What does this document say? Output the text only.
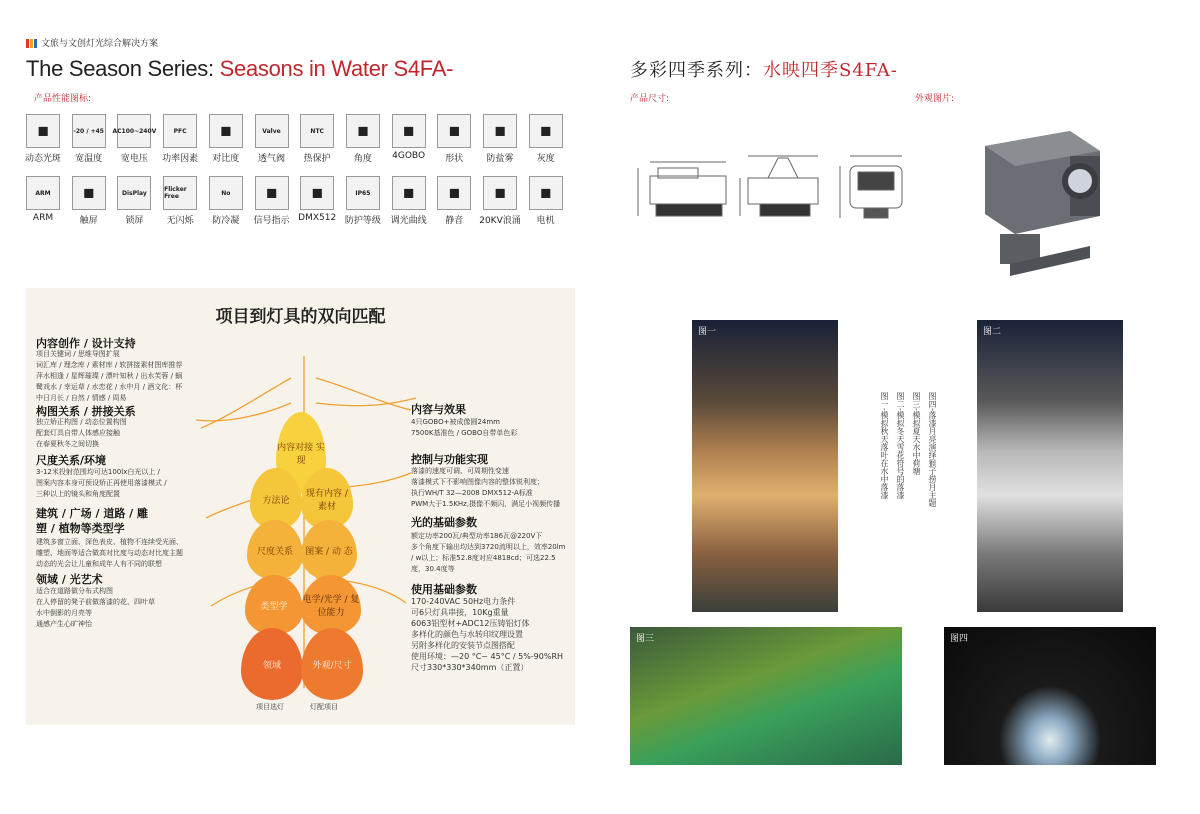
文旅与文创灯光综合解决方案
The Season Series: Seasons in Water S4FA-
产品性能图标:
多彩四季系列：水映四季S4FA-
产品尺寸:	外观图片:
◼
动态光斑
-20 / +45
宽温度
AC100~240V
宽电压
PFC
功率因素
◼
对比度
Valve
透气阀
NTC
热保护
◼
角度
◼
4GOBO
◼
形状
◼
防盐雾
◼
灰度
ARM
ARM
◼
触屏
DisPlay
锁屏
Flicker Free
无闪烁
No
防冷凝
◼
信号指示
◼
DMX512
IP65
防护等级
◼
调光曲线
◼
静音
◼
20KV浪涌
◼
电机
项目到灯具的双向匹配
内容创作 / 设计支持
项目关键词 / 思维导图扩展
词汇库 / 理念库 / 素材库 / 软拼接素材图库推荐
萍水相逢 / 星辉璀璨 / 漂叶知秋 / 出水芙蓉 / 蜗
鹭戏水 / 幸运草 / 水恋花 / 水中月 / 酒文化：杯
中日月长 / 自然 / 情感 / 周易
构图关系 / 拼接关系
独立矫正构图 / 动态位置构图
配套灯具自带人体感应接触
在春夏秋冬之间切换
尺度关系/环境
3-12米投射范围均可达100lx白光以上 /
图案内容本身可预设矫正再使用落漆模式 /
三种以上的镜头和角度配置
建筑 / 广场 / 道路 / 雕
塑 / 植物等类型学
建筑多窗立面、深色表皮、植物不连续受光面、
雕塑、地面等适合做高对比度与动态对比度主题
动态的光会让儿童和成年人有不同的联想
领域 / 光艺术
适合在道路做分布式构图
在人停留的凳子前做落漆的花、四叶草
水中倒影的月亮等
通感产生心旷神怡
内容对接 实现
方法论
现有内容 / 素材
尺度关系 图案 / 动 态
类型学
电学/光学 / 复位能力
领域	外观/尺寸
项目选灯	灯配项目
内容与效果
4只GOBO+被成像圆24mm
7500K基准色 / GOBO自带单色彩
控制与功能实现
落漆的速度可调、可周期性变速
落漆模式下不影响图像内容的整体锐利度；
执行WH/T 32—2008 DMX512-A标准
PWM大于1.5KHz,摄像不频闪，满足小视频传播
光的基础参数
额定功率200瓦/典型功率186瓦@220V下
多个角度下输出均达到3720流明以上，效率20lm
/ w以上；标准52.8度对应4818cd；可选22.5
度，30.4度等
使用基础参数
170-240VAC 50Hz电力条件
可6只灯具串接，10Kg重量
6063铝型材+ADC12压铸铝灯体
多样化的颜色与水转印纹理设置
另附多样化的安装节点图搭配
使用环境：—20 °C~ 45°C / 5%-90%RH
尺寸330*330*340mm（正置）
图一	图二
图三	图四
图四-落漆月亮演绎猴子捞月主题
图三-模拟夏天水中荷塘
图二-模拟冬天雪花符号的落漆
图一-模拟秋天落叶在水中落漆
